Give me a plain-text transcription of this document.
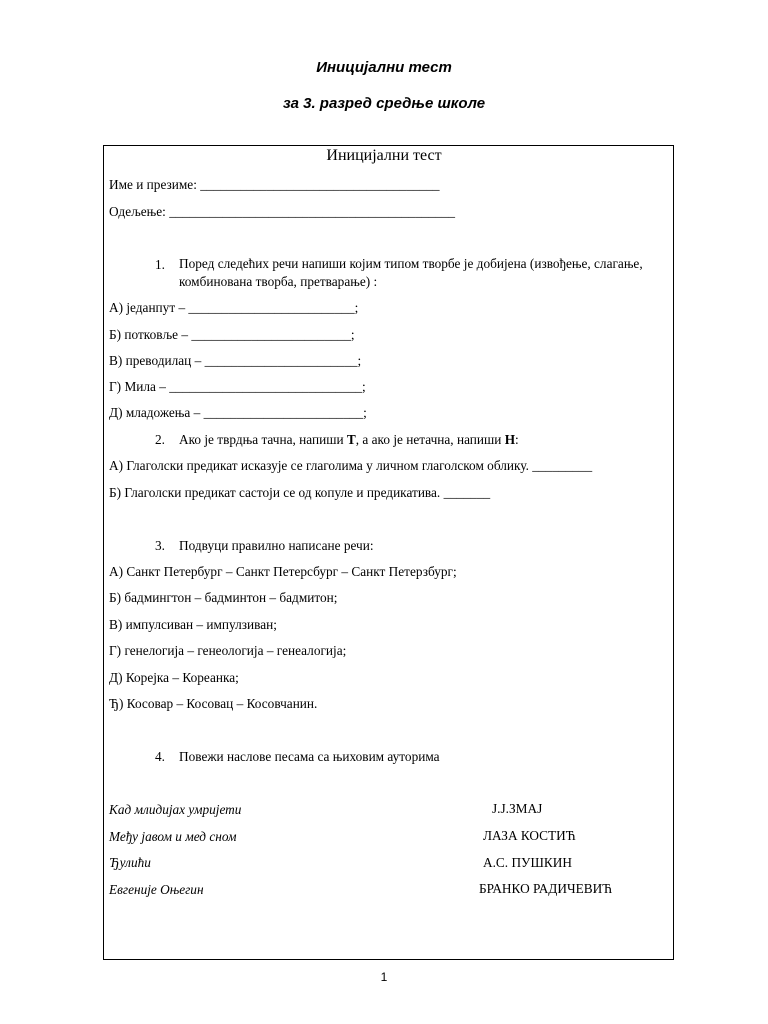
Иницијални тест
за 3. разред средње школе
Иницијални тест
Име и презиме: ____________________________________
Одељење: ___________________________________________
1. Поред следећих речи напиши којим типом творбе је добијена (извођење, слагање, комбинована творба, претварање) :
А) једанпут – _________________________;
Б) потковље – ________________________;
В) преводилац – _______________________;
Г) Мила – _____________________________;
Д) младожења – ________________________;
2. Ако је тврдња тачна, напиши Т, а ако је нетачна, напиши Н:
А) Глаголски предикат исказује се глаголима у личном глаголском облику. _________
Б) Глаголски предикат састоји се од копуле и предикатива. _______
3. Подвуци правилно написане речи:
А) Санкт Петербург – Санкт Петерсбург – Санкт Петерзбург;
Б) бадмингтон – бадминтон – бадмитон;
В) импулсиван – импулзиван;
Г) генелогија – генеологија – генеалогија;
Д) Корејка – Кореанка;
Ђ) Косовар – Косовац – Косовчанин.
4. Повежи наслове песама са њиховим ауторима
Кад млидијах умријети
Међу јавом и мед сном
Ђулићи
Евгеније Оњегин
Ј.Ј.ЗМАЈ
ЛАЗА КОСТИЋ
А.С. ПУШКИН
БРАНКО РАДИЧЕВИЋ
1
